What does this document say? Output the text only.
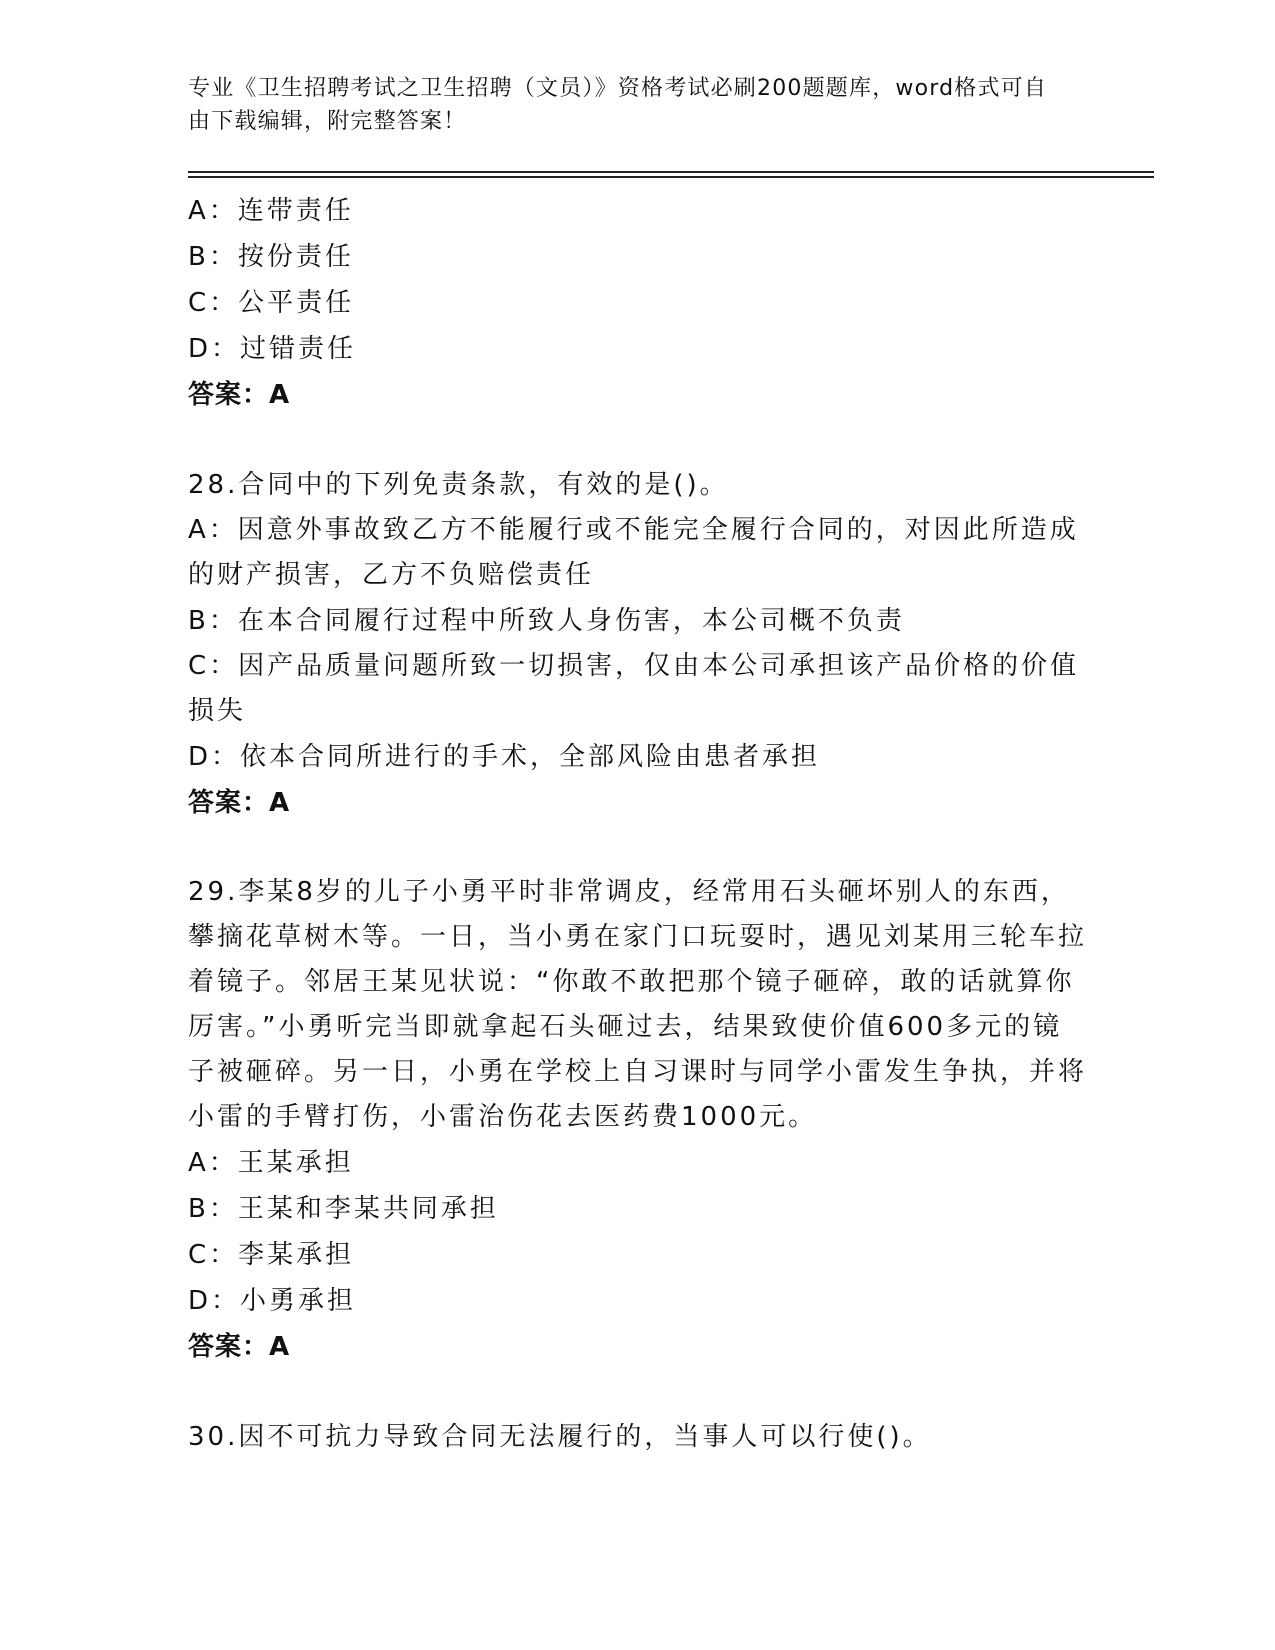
专业《卫生招聘考试之卫生招聘（文员）》资格考试必刷200题题库，word格式可自由下载编辑，附完整答案！
A：连带责任
B：按份责任
C：公平责任
D：过错责任
答案：A
28.合同中的下列免责条款，有效的是()。
A：因意外事故致乙方不能履行或不能完全履行合同的，对因此所造成的财产损害，乙方不负赔偿责任
B：在本合同履行过程中所致人身伤害，本公司概不负责
C：因产品质量问题所致一切损害，仅由本公司承担该产品价格的价值损失
D：依本合同所进行的手术，全部风险由患者承担
答案：A
29.李某8岁的儿子小勇平时非常调皮，经常用石头砸坏别人的东西，攀摘花草树木等。一日，当小勇在家门口玩耍时，遇见刘某用三轮车拉着镜子。邻居王某见状说：“你敢不敢把那个镜子砸碎，敢的话就算你厉害。”小勇听完当即就拿起石头砸过去，结果致使价值600多元的镜子被砸碎。另一日，小勇在学校上自习课时与同学小雷发生争执，并将小雷的手臂打伤，小雷治伤花去医药费1000元。
A：王某承担
B：王某和李某共同承担
C：李某承担
D：小勇承担
答案：A
30.因不可抗力导致合同无法履行的，当事人可以行使()。
